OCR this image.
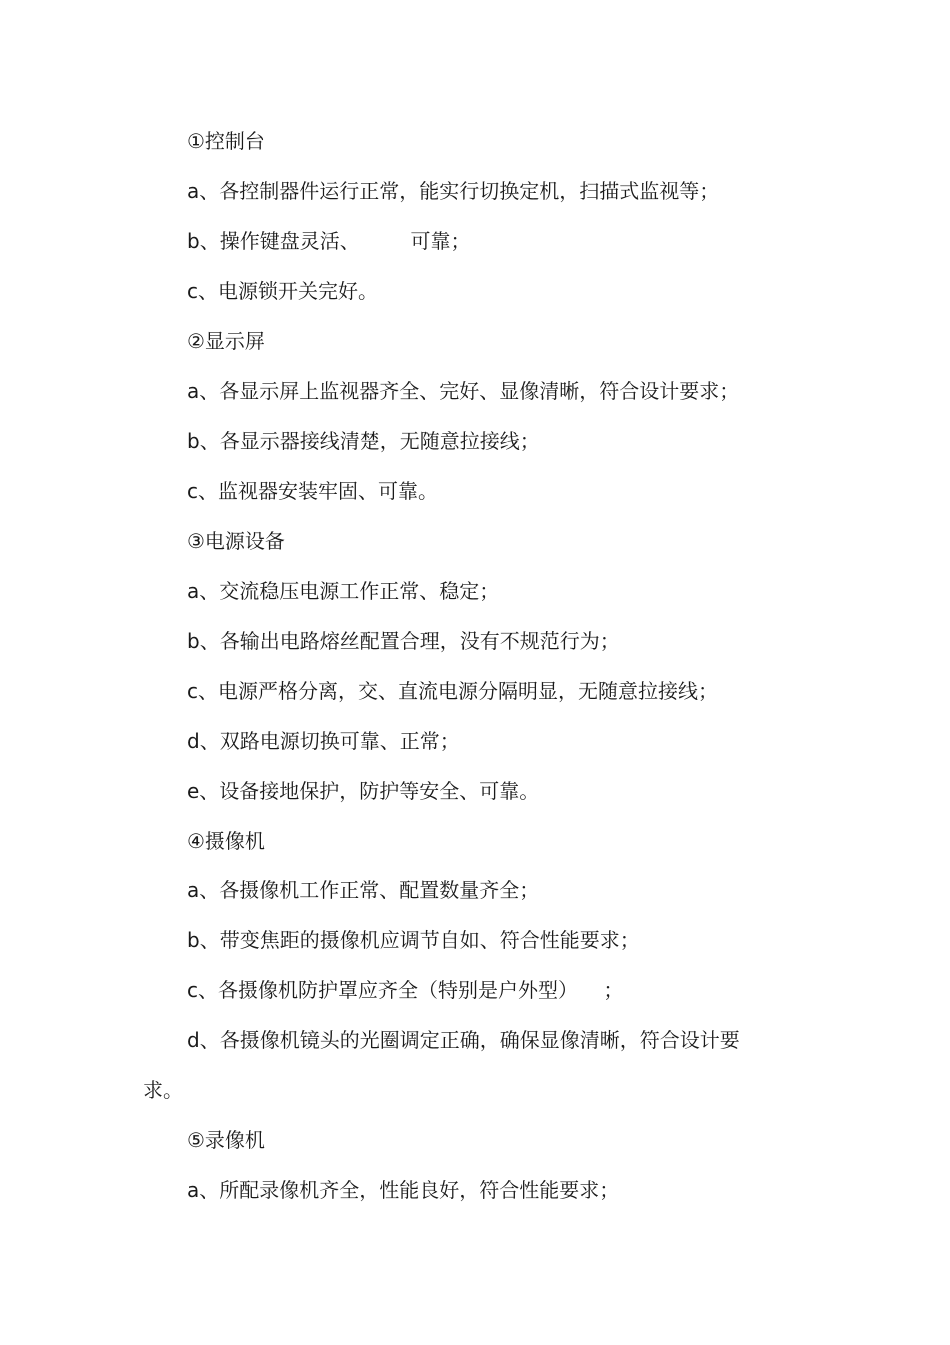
①控制台
a、各控制器件运行正常，能实行切换定机，扫描式监视等；
b、操作键盘灵活、        可靠；
c、电源锁开关完好。
②显示屏
a、各显示屏上监视器齐全、完好、显像清晰，符合设计要求；
b、各显示器接线清楚，无随意拉接线；
c、监视器安装牢固、可靠。
③电源设备
a、交流稳压电源工作正常、稳定；
b、各输出电路熔丝配置合理，没有不规范行为；
c、电源严格分离，交、直流电源分隔明显，无随意拉接线；
d、双路电源切换可靠、正常；
e、设备接地保护，防护等安全、可靠。
④摄像机
a、各摄像机工作正常、配置数量齐全；
b、带变焦距的摄像机应调节自如、符合性能要求；
c、各摄像机防护罩应齐全（特别是户外型）    ；
d、各摄像机镜头的光圈调定正确，确保显像清晰，符合设计要
求。
⑤录像机
a、所配录像机齐全，性能良好，符合性能要求；
